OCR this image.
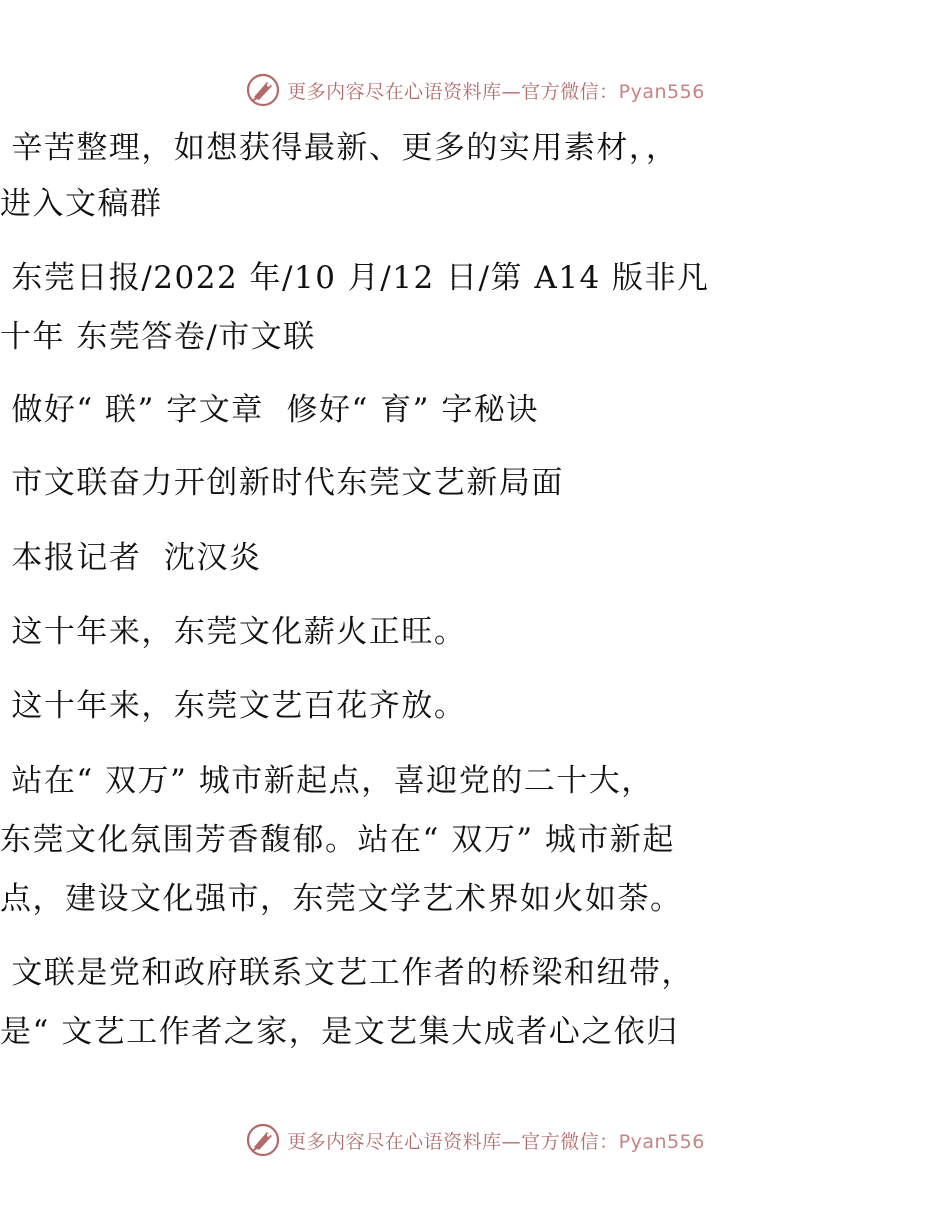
更多内容尽在心语资料库—官方微信：Pyan556
辛苦整理，如想获得最新、更多的实用素材，，
进入文稿群
东莞日报/2022 年/10 月/12 日/第 A14 版非凡
十年 东莞答卷/市文联
做好“ 联” 字文章  修好“ 育” 字秘诀
市文联奋力开创新时代东莞文艺新局面
本报记者  沈汉炎
这十年来，东莞文化薪火正旺。
这十年来，东莞文艺百花齐放。
站在“ 双万” 城市新起点，喜迎党的二十大，
东莞文化氛围芳香馥郁。站在“ 双万” 城市新起
点，建设文化强市，东莞文学艺术界如火如荼。
文联是党和政府联系文艺工作者的桥梁和纽带，
是“ 文艺工作者之家，是文艺集大成者心之依归
更多内容尽在心语资料库—官方微信：Pyan556
